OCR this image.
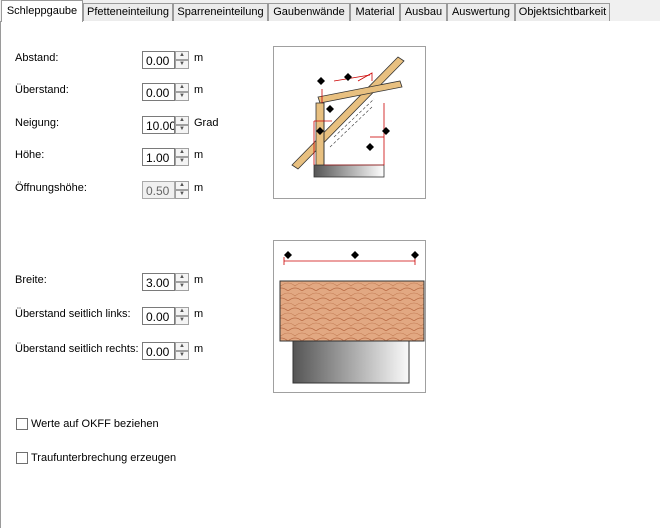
Schleppgaube Pfetteneinteilung Sparreneinteilung Gaubenwände Material Ausbau Auswertung Objektsichtbarkeit
Abstand:
0.00	▲
▼ m
Überstand:
0.00	▲
▼ m
Neigung:
10.00	▲
▼ Grad
Höhe:
1.00	▲
▼ m
Öffnungshöhe:
0.50	▲
▼ m
Breite:
3.00	▲
▼ m
Überstand seitlich links:
0.00	▲
▼ m
Überstand seitlich rechts:
0.00	▲
▼ m
Werte auf OKFF beziehen
Traufunterbrechung erzeugen
